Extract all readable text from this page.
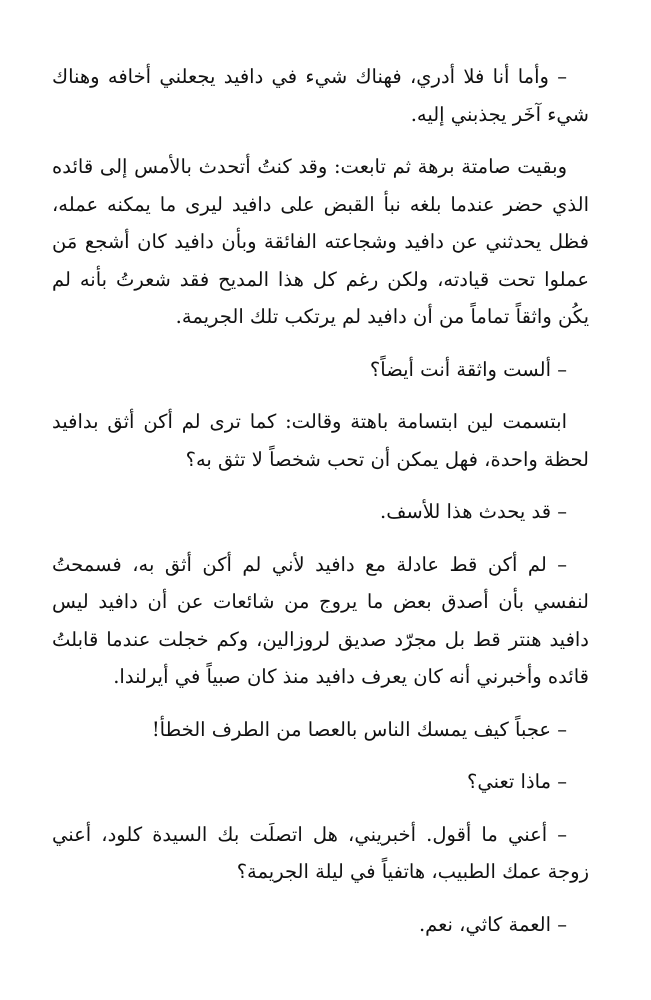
– وأما أنا فلا أدري، فهناك شيء في دافيد يجعلني أخافه وهناك شيء آخَر يجذبني إليه.

وبقيت صامتة برهة ثم تابعت: وقد كنتُ أتحدث بالأمس إلى قائده الذي حضر عندما بلغه نبأ القبض على دافيد ليرى ما يمكنه عمله، فظل يحدثني عن دافيد وشجاعته الفائقة وبأن دافيد كان أشجع مَن عملوا تحت قيادته، ولكن رغم كل هذا المديح فقد شعرتُ بأنه لم يكُن واثقاً تماماً من أن دافيد لم يرتكب تلك الجريمة.

– ألست واثقة أنت أيضاً؟

ابتسمت لين ابتسامة باهتة وقالت: كما ترى لم أكن أثق بدافيد لحظة واحدة، فهل يمكن أن تحب شخصاً لا تثق به؟

– قد يحدث هذا للأسف.

– لم أكن قط عادلة مع دافيد لأني لم أكن أثق به، فسمحتُ لنفسي بأن أصدق بعض ما يروج من شائعات عن أن دافيد ليس دافيد هنتر قط بل مجرّد صديق لروزالين، وكم خجلت عندما قابلتُ قائده وأخبرني أنه كان يعرف دافيد منذ كان صبياً في أيرلندا.

– عجباً كيف يمسك الناس بالعصا من الطرف الخطأ!

– ماذا تعني؟

– أعني ما أقول. أخبريني، هل اتصلَت بك السيدة كلود، أعني زوجة عمك الطبيب، هاتفياً في ليلة الجريمة؟

– العمة كاثي، نعم.
